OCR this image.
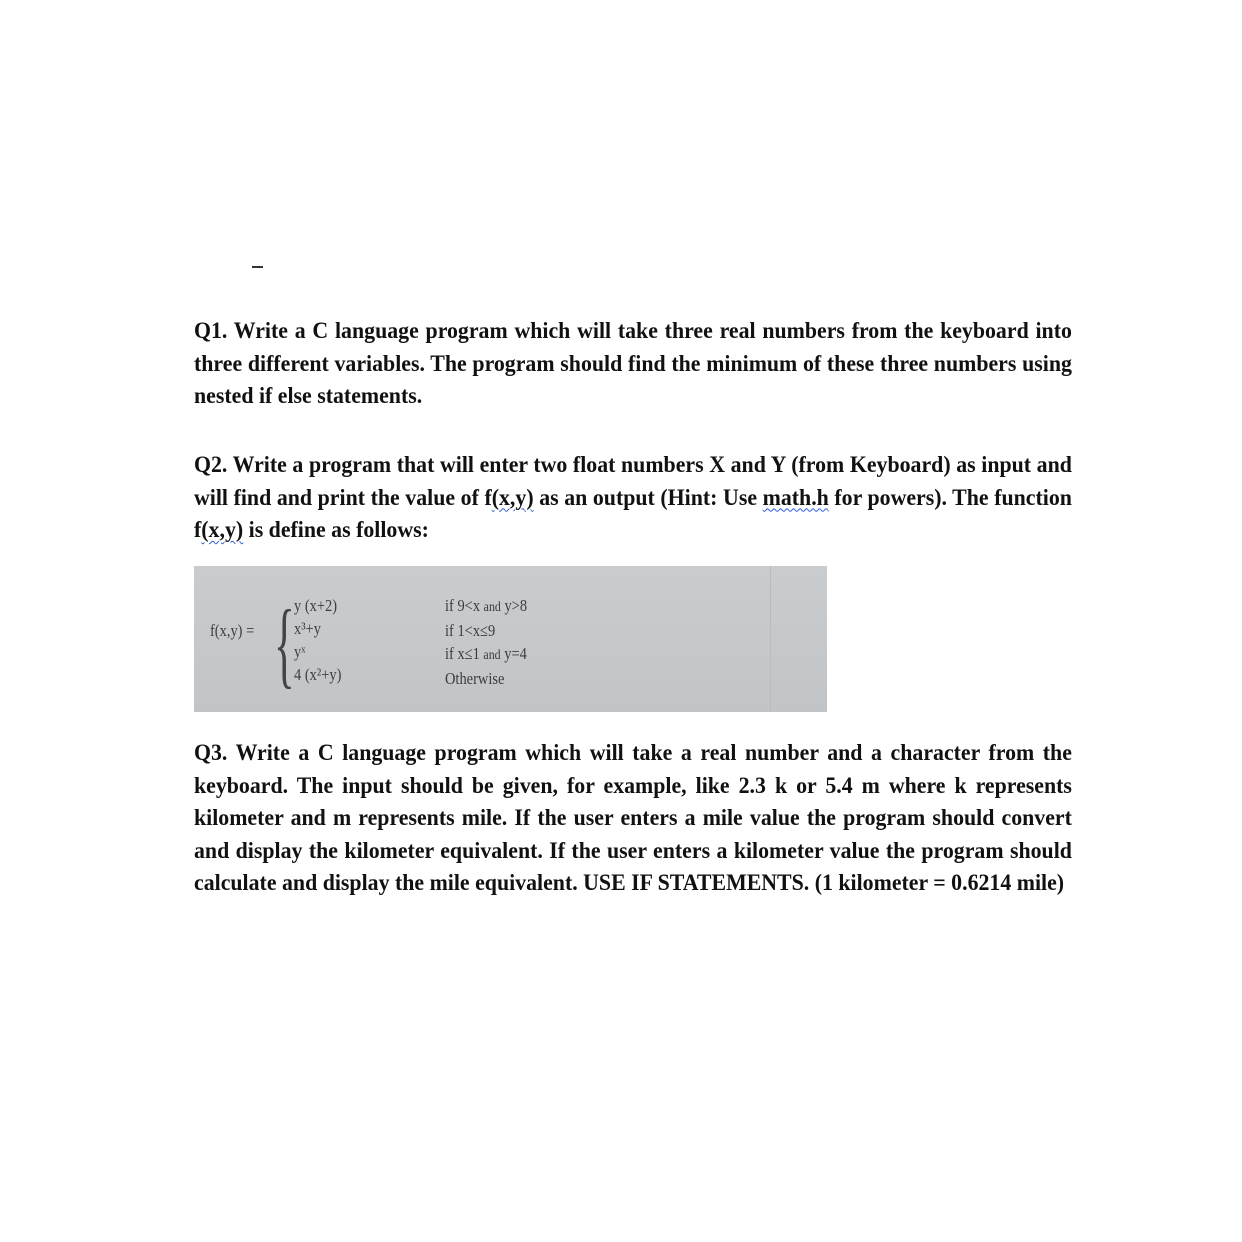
Q1. Write a C language program which will take three real numbers from the keyboard into three different variables. The program should find the minimum of these three numbers using nested if else statements.
Q2. Write a program that will enter two float numbers X and Y (from Keyboard) as input and will find and print the value of f(x,y) as an output (Hint: Use math.h for powers). The function f(x,y) is define as follows:
f(x,y) = { y (x+2)
x³+y
yˣ
4 (x²+y)
if 9<x and y>8
if 1<x≤9
if x≤1 and y=4
Otherwise
Q3. Write a C language program which will take a real number and a character from the keyboard. The input should be given, for example, like 2.3 k or 5.4 m where k represents kilometer and m represents mile. If the user enters a mile value the program should convert and display the kilometer equivalent. If the user enters a kilometer value the program should calculate and display the mile equivalent. USE IF STATEMENTS. (1 kilometer = 0.6214 mile)
